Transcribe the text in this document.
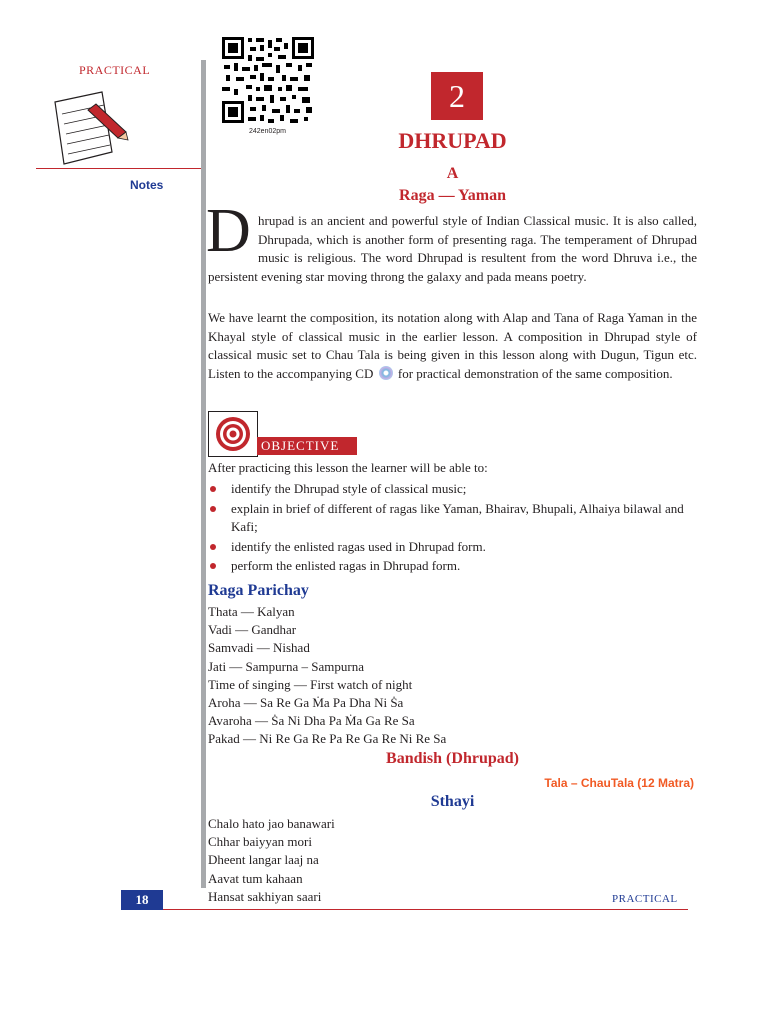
PRACTICAL
Notes
242en02pm
2
DHRUPAD
A
Raga — Yaman
D hrupad is an ancient and powerful style of Indian Classical music. It is also called, Dhrupada, which is another form of presenting raga. The temperament of Dhrupad music is religious. The word Dhrupad is resultent from the word Dhruva i.e., the persistent evening star moving throng the galaxy and pada means poetry.
We have learnt the composition, its notation along with Alap and Tana of Raga Yaman in the Khayal style of classical music in the earlier lesson. A composition in Dhrupad style of classical music set to Chau Tala is being given in this lesson along with Dugun, Tigun etc. Listen to the accompanying CD for practical demonstration of the same composition.
OBJECTIVE
After practicing this lesson the learner will be able to:
identify the Dhrupad style of classical music;
explain in brief of different of ragas like Yaman, Bhairav, Bhupali, Alhaiya bilawal and Kafi;
identify the enlisted ragas used in Dhrupad form.
perform the enlisted ragas in Dhrupad form.
Raga Parichay
Thata — Kalyan
Vadi — Gandhar
Samvadi — Nishad
Jati — Sampurna – Sampurna
Time of singing — First watch of night
Aroha — Sa Re Ga Ṁa Pa Dha Ni Ṡa
Avaroha — Ṡa Ni Dha Pa Ṁa Ga Re Sa
Pakad — Ni Re Ga Re Pa Re Ga Re Ni Re Sa
Bandish (Dhrupad)
Tala – ChauTala (12 Matra)
Sthayi
Chalo hato jao banawari
Chhar baiyyan mori
Dheent langar laaj na
Aavat tum kahaan
Hansat sakhiyan saari
18	PRACTICAL
